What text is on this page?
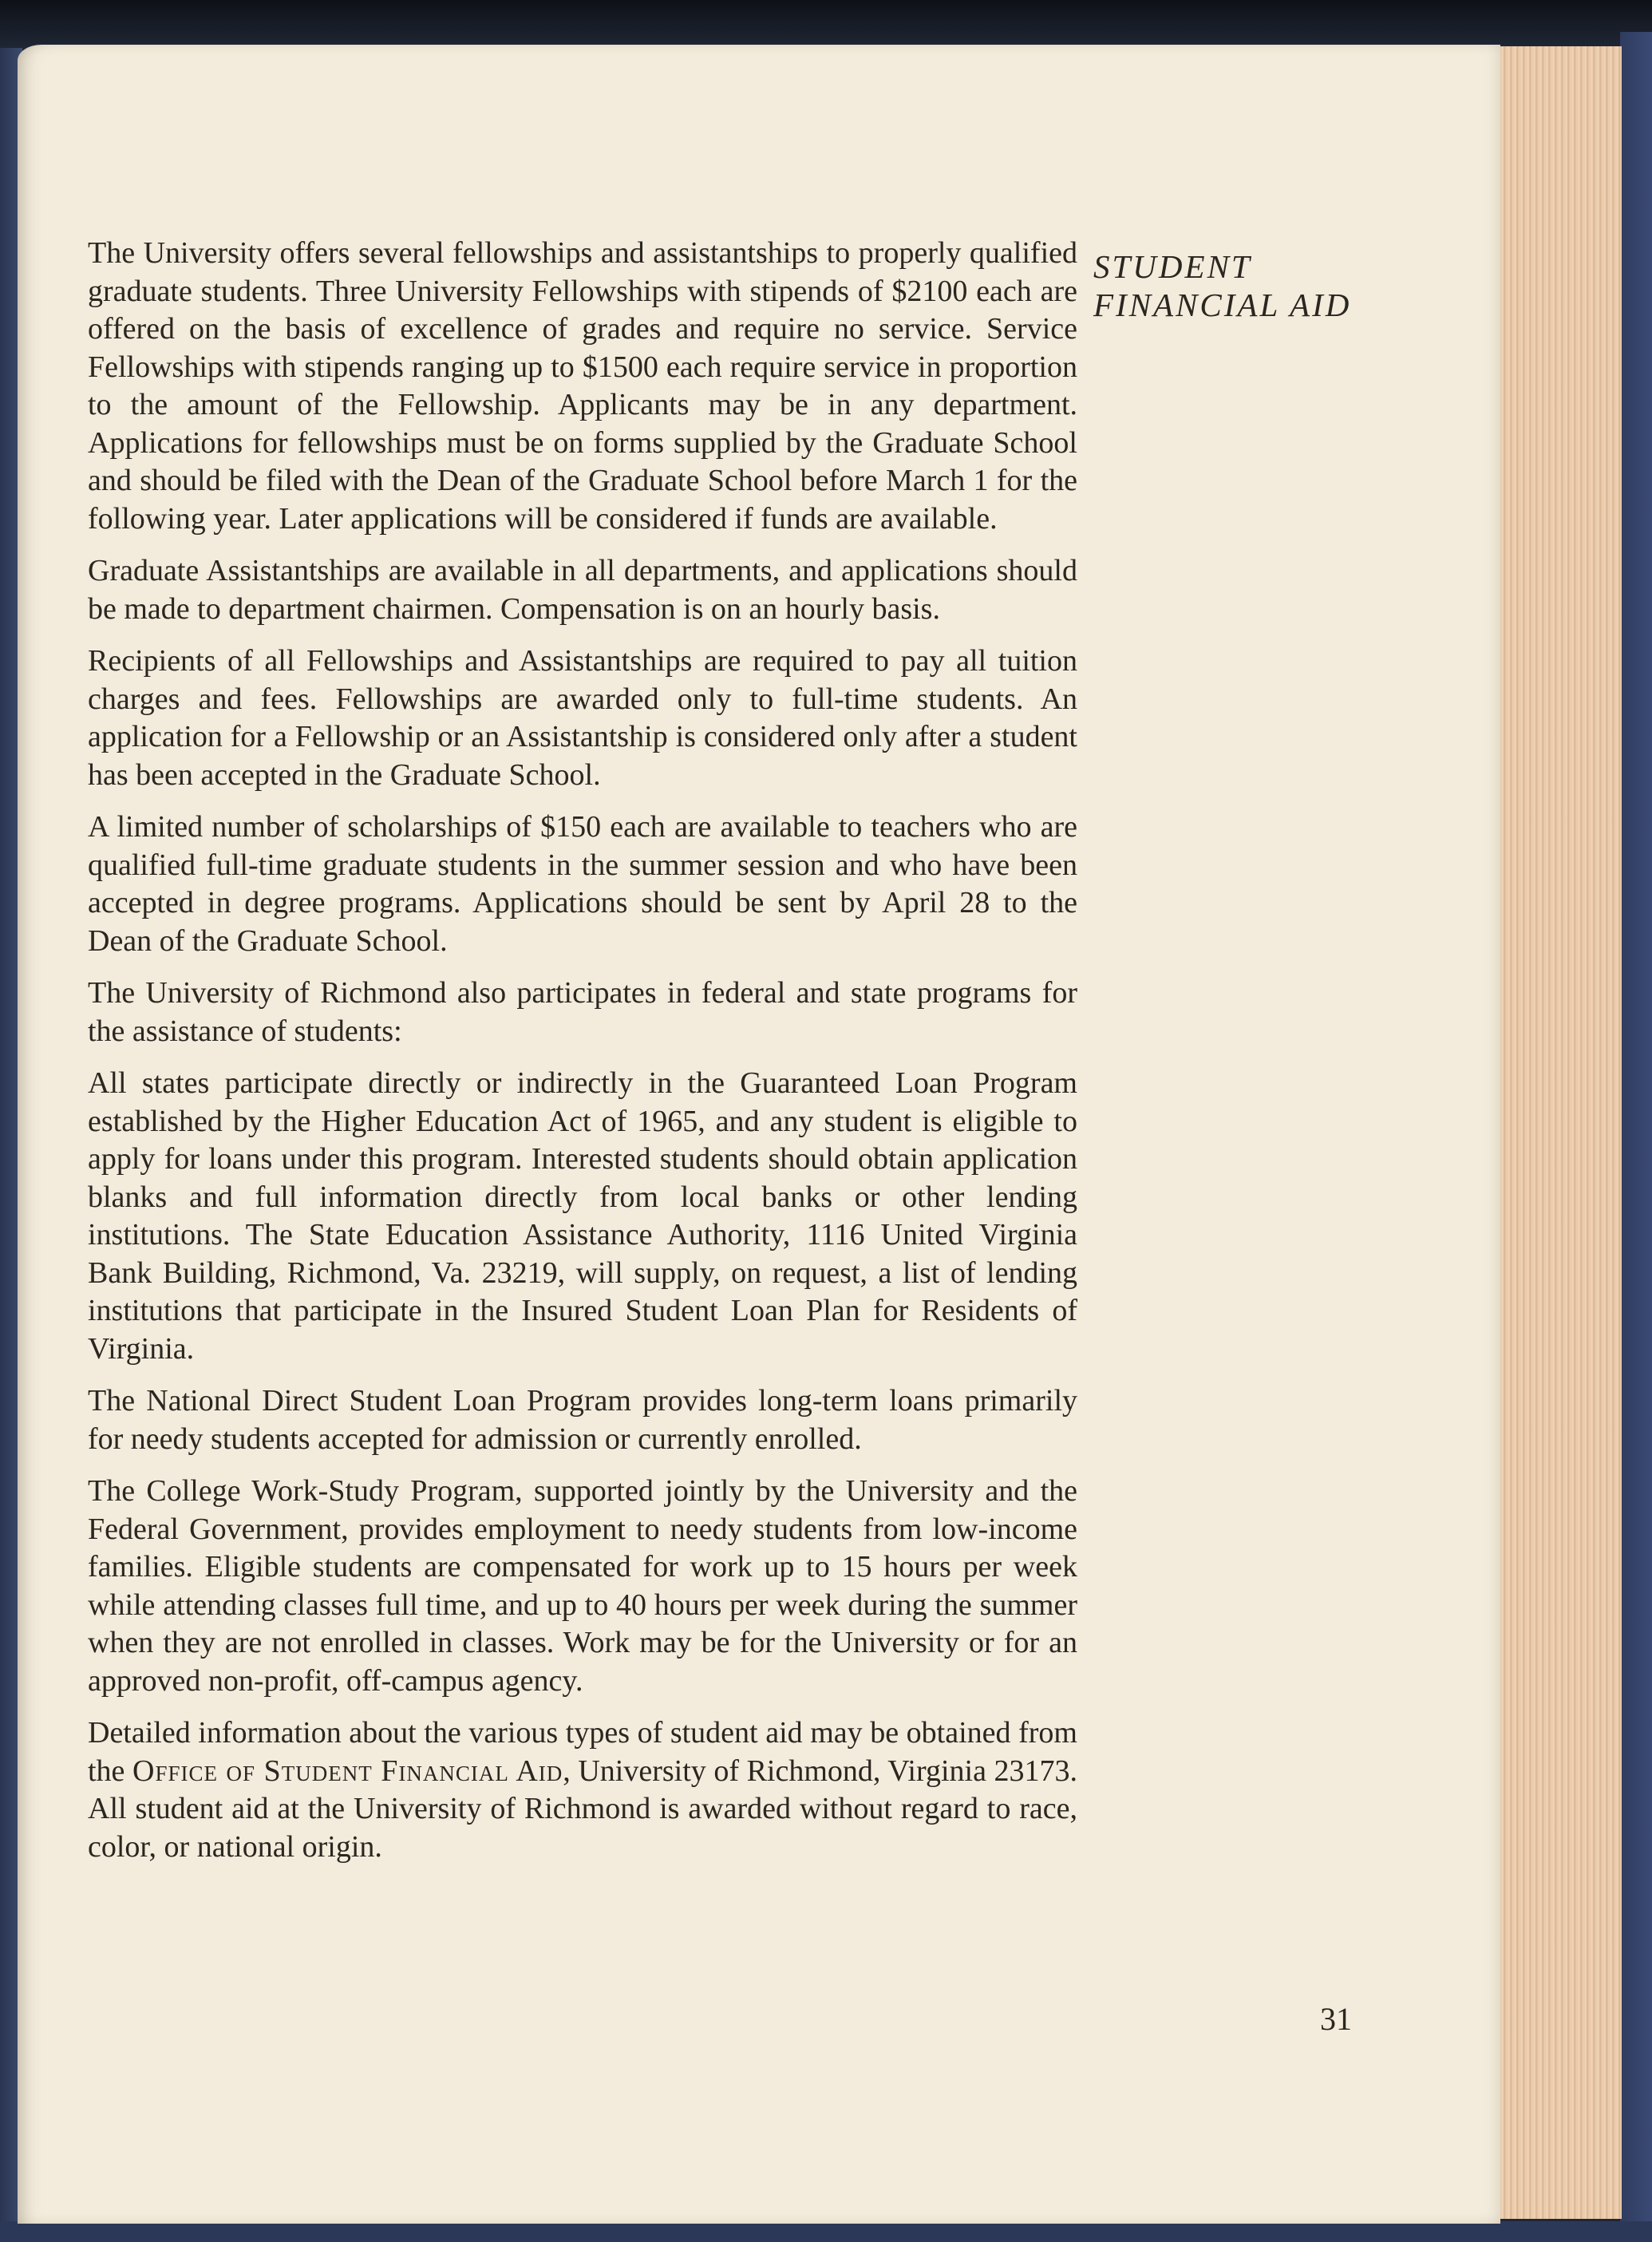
The University offers several fellowships and assistantships to properly qualified graduate students. Three University Fellowships with stipends of $2100 each are offered on the basis of excellence of grades and require no service. Service Fellowships with stipends ranging up to $1500 each require service in proportion to the amount of the Fellowship. Applicants may be in any department. Applications for fellowships must be on forms supplied by the Graduate School and should be filed with the Dean of the Graduate School before March 1 for the following year. Later applications will be considered if funds are available.

Graduate Assistantships are available in all departments, and applications should be made to department chairmen. Compensation is on an hourly basis.

Recipients of all Fellowships and Assistantships are required to pay all tuition charges and fees. Fellowships are awarded only to full-time students. An application for a Fellowship or an Assistantship is considered only after a student has been accepted in the Graduate School.

A limited number of scholarships of $150 each are available to teachers who are qualified full-time graduate students in the summer session and who have been accepted in degree programs. Applications should be sent by April 28 to the Dean of the Graduate School.

The University of Richmond also participates in federal and state programs for the assistance of students:

All states participate directly or indirectly in the Guaranteed Loan Program established by the Higher Education Act of 1965, and any student is eligible to apply for loans under this program. Interested students should obtain application blanks and full information directly from local banks or other lending institutions. The State Education Assistance Authority, 1116 United Virginia Bank Building, Richmond, Va. 23219, will supply, on request, a list of lending institutions that participate in the Insured Student Loan Plan for Residents of Virginia.

The National Direct Student Loan Program provides long-term loans primarily for needy students accepted for admission or currently enrolled.

The College Work-Study Program, supported jointly by the University and the Federal Government, provides employment to needy students from low-income families. Eligible students are compensated for work up to 15 hours per week while attending classes full time, and up to 40 hours per week during the summer when they are not enrolled in classes. Work may be for the University or for an approved non-profit, off-campus agency.

Detailed information about the various types of student aid may be obtained from the Office of Student Financial Aid, University of Richmond, Virginia 23173. All student aid at the University of Richmond is awarded without regard to race, color, or national origin.

STUDENT
FINANCIAL AID
31
